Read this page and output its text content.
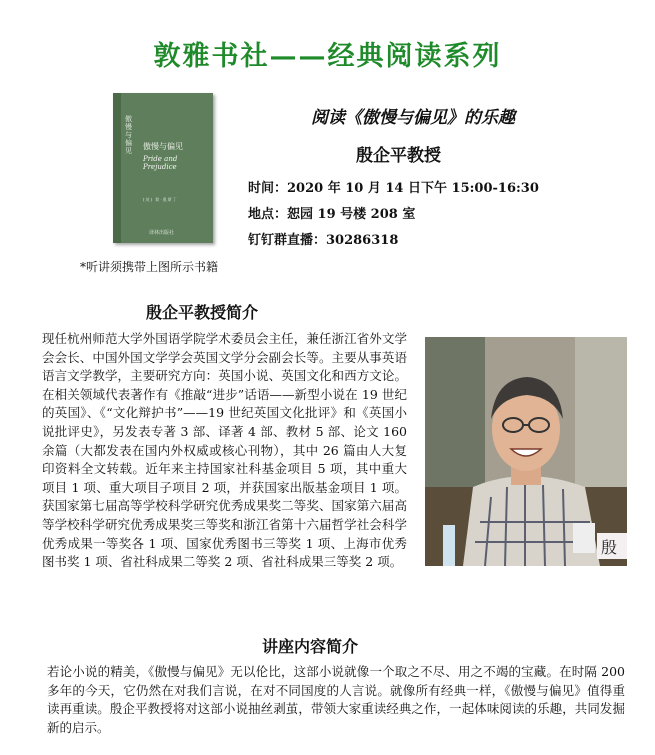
敦雅书社——经典阅读系列
傲慢与偏见 傲慢与偏见
Pride and Prejudice
[英] 简·奥斯丁
译林出版社
*听讲须携带上图所示书籍
阅读《傲慢与偏见》的乐趣
殷企平教授
时间：2020 年 10 月 14 日下午 15:00-16:30
地点：恕园 19 号楼 208 室
钉钉群直播：30286318
殷企平教授简介
现任杭州师范大学外国语学院学术委员会主任，兼任浙江省外文学会会长、中国外国文学学会英国文学分会副会长等。主要从事英语语言文学教学，主要研究方向：英国小说、英国文化和西方文论。在相关领域代表著作有《推敲“进步”话语——新型小说在 19 世纪的英国》、《“文化辩护书”——19 世纪英国文化批评》和《英国小说批评史》，另发表专著 3 部、译著 4 部、教材 5 部、论文 160 余篇（大都发表在国内外权威或核心刊物），其中 26 篇由人大复印资料全文转载。近年来主持国家社科基金项目 5 项，其中重大项目 1 项、重大项目子项目 2 项，并获国家出版基金项目 1 项。获国家第七届高等学校科学研究优秀成果奖二等奖、国家第六届高等学校科学研究优秀成果奖三等奖和浙江省第十六届哲学社会科学优秀成果一等奖各 1 项、国家优秀图书三等奖 1 项、上海市优秀图书奖 1 项、省社科成果二等奖 2 项、省社科成果三等奖 2 项。
殷
讲座内容简介
若论小说的精美，《傲慢与偏见》无以伦比，这部小说就像一个取之不尽、用之不竭的宝藏。在时隔 200 多年的今天，它仍然在对我们言说，在对不同国度的人言说。就像所有经典一样，《傲慢与偏见》值得重读再重读。殷企平教授将对这部小说抽丝剥茧，带领大家重读经典之作，一起体味阅读的乐趣，共同发掘新的启示。
